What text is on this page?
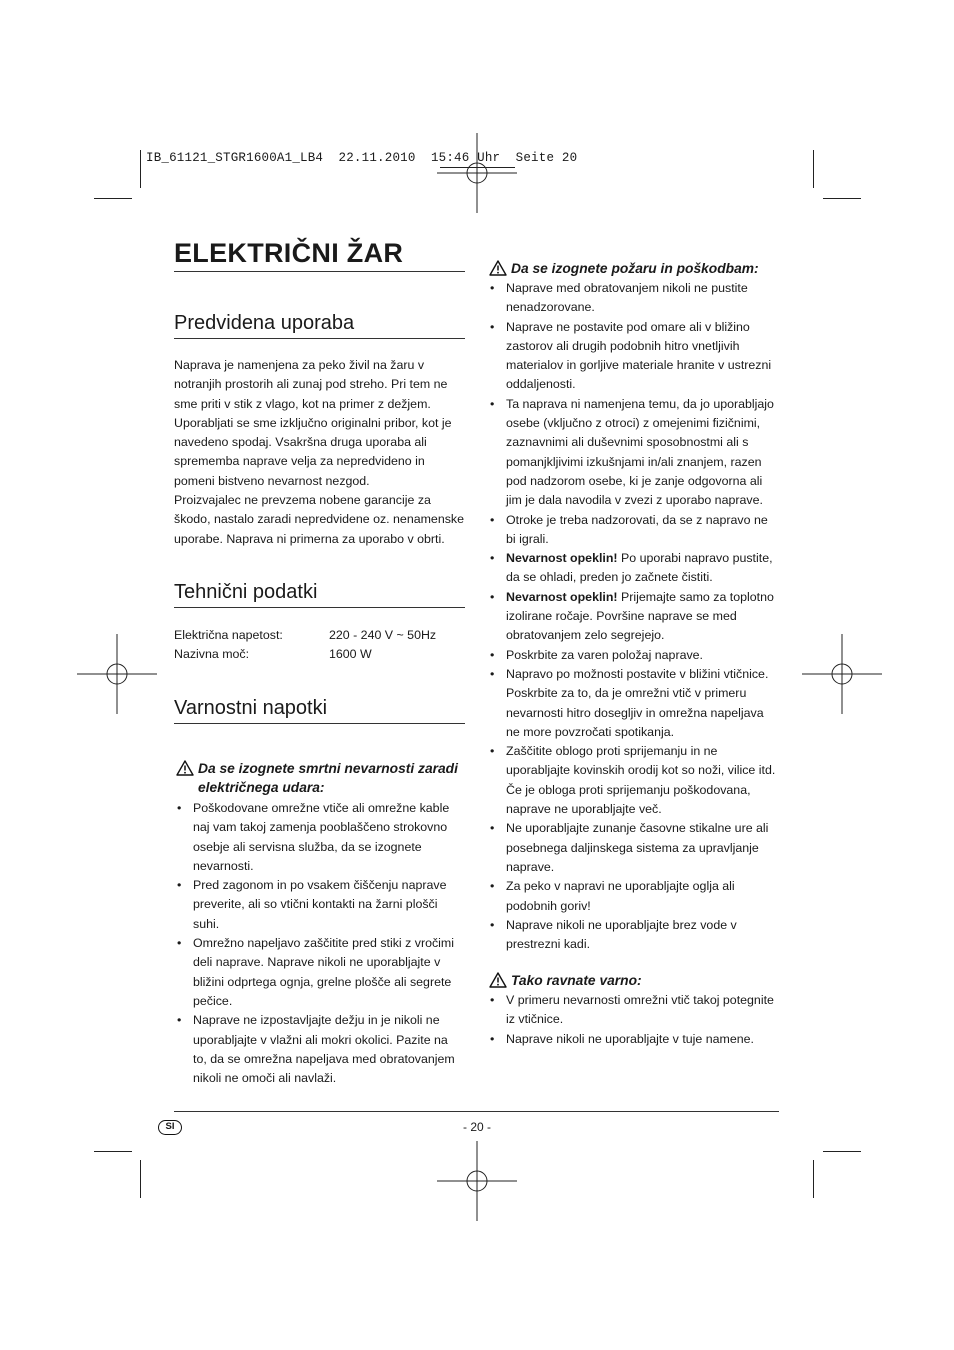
IB_61121_STGR1600A1_LB4  22.11.2010  15:46 Uhr  Seite 20
ELEKTRIČNI ŽAR
Predvidena uporaba
Naprava je namenjena za peko živil na žaru v notranjih prostorih ali zunaj pod streho. Pri tem ne sme priti v stik z vlago, kot na primer z dežjem. Uporabljati se sme izključno originalni pribor, kot je navedeno spodaj. Vsakršna druga uporaba ali sprememba naprave velja za nepredvideno in pomeni bistveno nevarnost nezgod.
Proizvajalec ne prevzema nobene garancije za škodo, nastalo zaradi nepredvidene oz. nenamenske uporabe. Naprava ni primerna za uporabo v obrti.
Tehnični podatki
Električna napetost:	220 - 240 V ~ 50Hz
Nazivna moč:	1600 W
Varnostni napotki
Da se izognete smrtni nevarnosti zaradi električnega udara:
• Poškodovane omrežne vtiče ali omrežne kable naj vam takoj zamenja pooblaščeno strokovno osebje ali servisna služba, da se izognete nevarnosti.
• Pred zagonom in po vsakem čiščenju naprave preverite, ali so vtični kontakti na žarni plošči suhi.
• Omrežno napeljavo zaščitite pred stiki z vročimi deli naprave. Naprave nikoli ne uporabljajte v bližini odprtega ognja, grelne plošče ali segrete pečice.
• Naprave ne izpostavljajte dežju in je nikoli ne uporabljajte v vlažni ali mokri okolici. Pazite na to, da se omrežna napeljava med obratovanjem nikoli ne omoči ali navlaži.
Da se izognete požaru in poškodbam:
• Naprave med obratovanjem nikoli ne pustite nenadzorovane.
• Naprave ne postavite pod omare ali v bližino zastorov ali drugih podobnih hitro vnetljivih materialov in gorljive materiale hranite v ustrezni oddaljenosti.
• Ta naprava ni namenjena temu, da jo uporabljajo osebe (vključno z otroci) z omejenimi fizičnimi, zaznavnimi ali duševnimi sposobnostmi ali s pomanjkljivimi izkušnjami in/ali znanjem, razen pod nadzorom osebe, ki je zanje odgovorna ali jim je dala navodila v zvezi z uporabo naprave.
• Otroke je treba nadzorovati, da se z napravo ne bi igrali.
• Nevarnost opeklin! Po uporabi napravo pustite, da se ohladi, preden jo začnete čistiti.
• Nevarnost opeklin! Prijemajte samo za toplotno izolirane ročaje. Površine naprave se med obratovanjem zelo segrejejo.
• Poskrbite za varen položaj naprave.
• Napravo po možnosti postavite v bližini vtičnice. Poskrbite za to, da je omrežni vtič v primeru nevarnosti hitro dosegljiv in omrežna napeljava ne more povzročati spotikanja.
• Zaščitite oblogo proti sprijemanju in ne uporabljajte kovinskih orodij kot so noži, vilice itd. Če je obloga proti sprijemanju poškodovana, naprave ne uporabljajte več.
• Ne uporabljajte zunanje časovne stikalne ure ali posebnega daljinskega sistema za upravljanje naprave.
• Za peko v napravi ne uporabljajte oglja ali podobnih goriv!
• Naprave nikoli ne uporabljajte brez vode v prestrezni kadi.
Tako ravnate varno:
• V primeru nevarnosti omrežni vtič takoj potegnite iz vtičnice.
• Naprave nikoli ne uporabljajte v tuje namene.
SI	- 20 -
